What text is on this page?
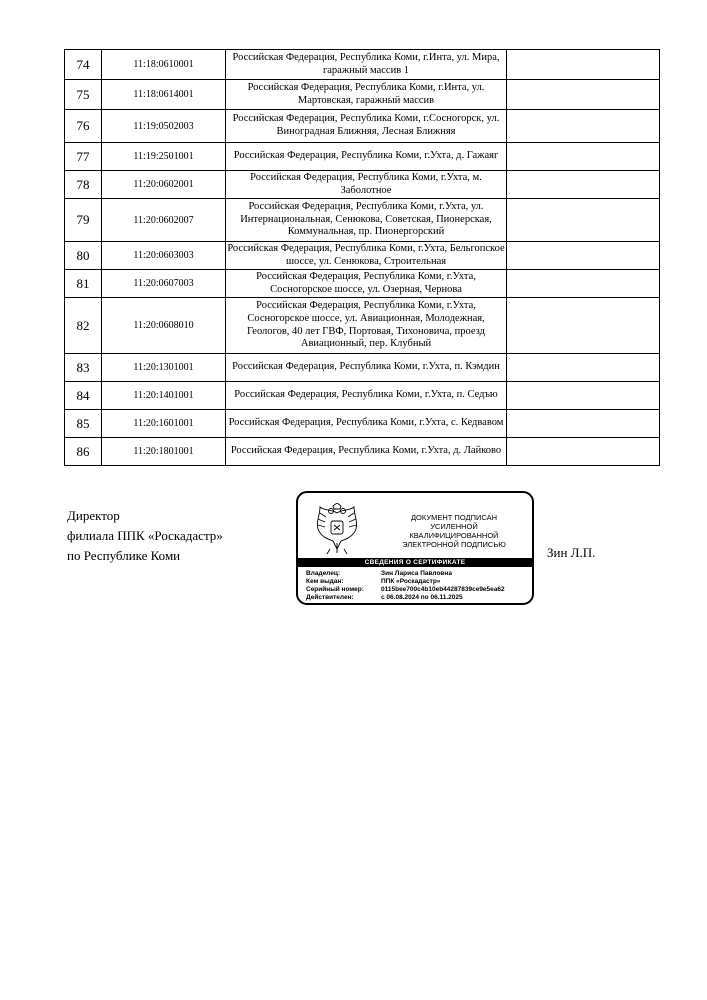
74	11:18:0610001	Российская Федерация, Республика Коми, г.Инта, ул. Мира, гаражный массив 1	
75	11:18:0614001	Российская Федерация, Республика Коми, г.Инта, ул. Мартовская, гаражный массив	
76	11:19:0502003	Российская Федерация, Республика Коми, г.Сосногорск, ул. Виноградная Ближняя, Лесная Ближняя	
77	11:19:2501001	Российская Федерация, Республика Коми, г.Ухта, д. Гажаяг	
78	11:20:0602001	Российская Федерация, Республика Коми, г.Ухта, м. Заболотное	
79	11:20:0602007	Российская Федерация, Республика Коми, г.Ухта, ул. Интернациональная, Сенюкова, Советская, Пионерская, Коммунальная, пр. Пионергорский	
80	11:20:0603003	Российская Федерация, Республика Коми, г.Ухта, Бельгопское шоссе, ул. Сенюкова, Строительная	
81	11:20:0607003	Российская Федерация, Республика Коми, г.Ухта, Сосногорское шоссе, ул. Озерная, Чернова	
82	11:20:0608010	Российская Федерация, Республика Коми, г.Ухта, Сосногорское шоссе, ул. Авиационная, Молодежная, Геологов, 40 лет ГВФ, Портовая, Тихоновича, проезд Авиационный, пер. Клубный	
83	11:20:1301001	Российская Федерация, Республика Коми, г.Ухта, п. Кэмдин	
84	11:20:1401001	Российская Федерация, Республика Коми, г.Ухта, п. Седъю	
85	11:20:1601001	Российская Федерация, Республика Коми, г.Ухта, с. Кедвавом	
86	11:20:1801001	Российская Федерация, Республика Коми, г.Ухта, д. Лайково	
Директор
филиала ППК «Роскадастр»
по Республике Коми	Зин Л.П.
ДОКУМЕНТ ПОДПИСАН
УСИЛЕННОЙ
КВАЛИФИЦИРОВАННОЙ
ЭЛЕКТРОННОЙ ПОДПИСЬЮ
СВЕДЕНИЯ О СЕРТИФИКАТЕ
Владелец:	Зин Лариса Павловна
Кем выдан:	ППК «Роскадастр»
Серийный номер:	0115bee700c4b10eb44287839ce9e5ea62
Действителен:	с 06.08.2024 по 06.11.2025
